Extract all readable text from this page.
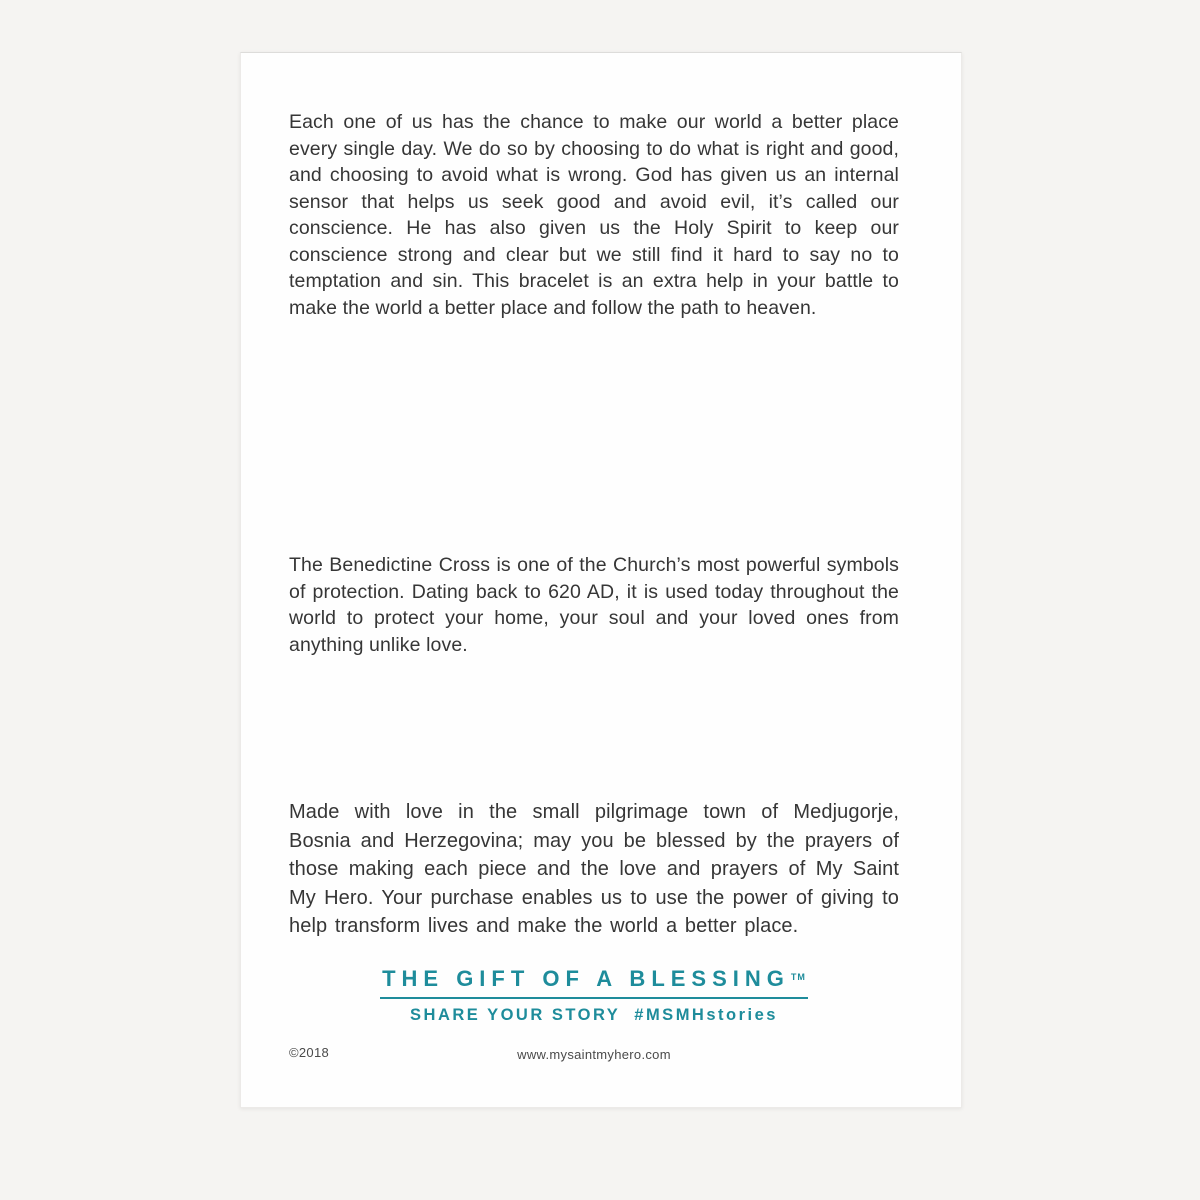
Each one of us has the chance to make our world a better place every single day. We do so by choosing to do what is right and good, and choosing to avoid what is wrong. God has given us an internal sensor that helps us seek good and avoid evil, it’s called our conscience. He has also given us the Holy Spirit to keep our conscience strong and clear but we still find it hard to say no to temptation and sin. This bracelet is an extra help in your battle to make the world a better place and follow the path to heaven.

The Benedictine Cross is one of the Church’s most powerful symbols of protection. Dating back to 620 AD, it is used today throughout the world to protect your home, your soul and your loved ones from anything unlike love.

Made with love in the small pilgrimage town of Medjugorje, Bosnia and Herzegovina; may you be blessed by the prayers of those making each piece and the love and prayers of My Saint My Hero. Your purchase enables us to use the power of giving to help transform lives and make the world a better place.

THE GIFT OF A BLESSING™
SHARE YOUR STORY #MSMHstories
©2018	www.mysaintmyhero.com
